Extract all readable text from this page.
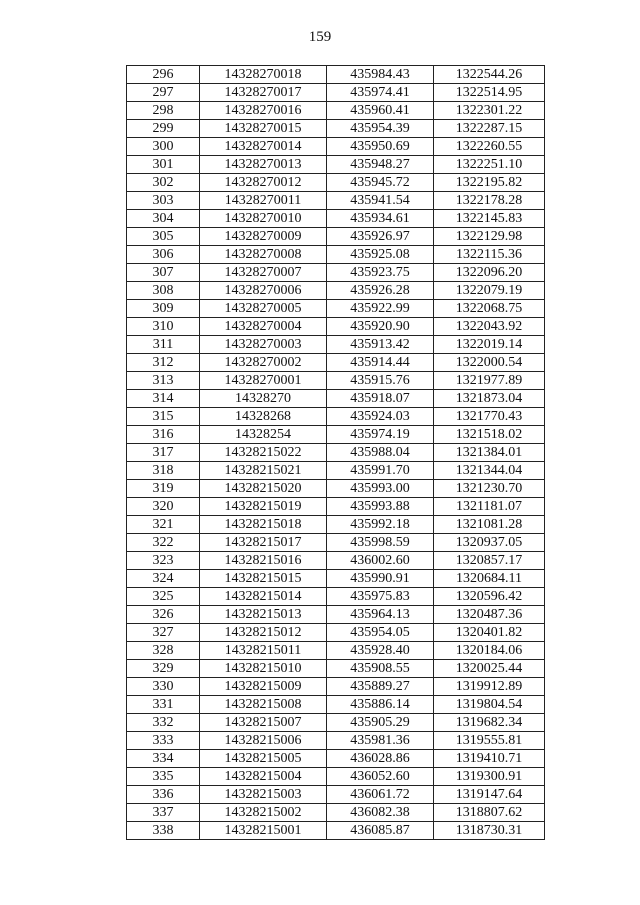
159
296	14328270018	435984.43	1322544.26
297	14328270017	435974.41	1322514.95
298	14328270016	435960.41	1322301.22
299	14328270015	435954.39	1322287.15
300	14328270014	435950.69	1322260.55
301	14328270013	435948.27	1322251.10
302	14328270012	435945.72	1322195.82
303	14328270011	435941.54	1322178.28
304	14328270010	435934.61	1322145.83
305	14328270009	435926.97	1322129.98
306	14328270008	435925.08	1322115.36
307	14328270007	435923.75	1322096.20
308	14328270006	435926.28	1322079.19
309	14328270005	435922.99	1322068.75
310	14328270004	435920.90	1322043.92
311	14328270003	435913.42	1322019.14
312	14328270002	435914.44	1322000.54
313	14328270001	435915.76	1321977.89
314	14328270	435918.07	1321873.04
315	14328268	435924.03	1321770.43
316	14328254	435974.19	1321518.02
317	14328215022	435988.04	1321384.01
318	14328215021	435991.70	1321344.04
319	14328215020	435993.00	1321230.70
320	14328215019	435993.88	1321181.07
321	14328215018	435992.18	1321081.28
322	14328215017	435998.59	1320937.05
323	14328215016	436002.60	1320857.17
324	14328215015	435990.91	1320684.11
325	14328215014	435975.83	1320596.42
326	14328215013	435964.13	1320487.36
327	14328215012	435954.05	1320401.82
328	14328215011	435928.40	1320184.06
329	14328215010	435908.55	1320025.44
330	14328215009	435889.27	1319912.89
331	14328215008	435886.14	1319804.54
332	14328215007	435905.29	1319682.34
333	14328215006	435981.36	1319555.81
334	14328215005	436028.86	1319410.71
335	14328215004	436052.60	1319300.91
336	14328215003	436061.72	1319147.64
337	14328215002	436082.38	1318807.62
338	14328215001	436085.87	1318730.31
